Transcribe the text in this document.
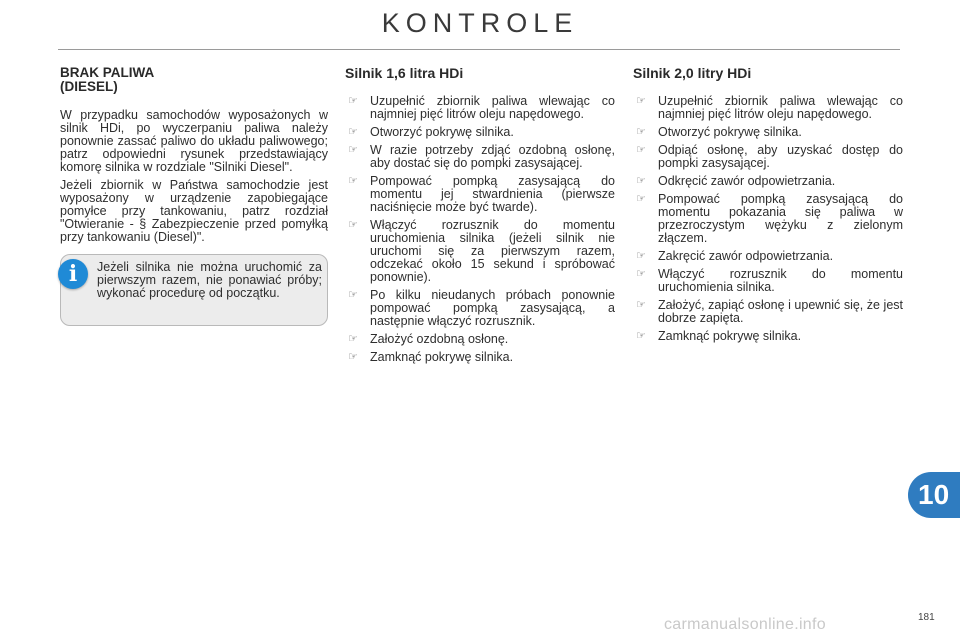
KONTROLE
BRAK PALIWA
(DIESEL)

W przypadku samochodów wyposażonych w silnik HDi, po wyczerpaniu paliwa należy ponownie zassać paliwo do układu paliwowego; patrz odpowiedni rysunek przedstawiający komorę silnika w rozdziale "Silniki Diesel".

Jeżeli zbiornik w Państwa samochodzie jest wyposażony w urządzenie zapobiegające pomyłce przy tankowaniu, patrz rozdział "Otwieranie - § Zabezpieczenie przed pomyłką przy tankowaniu (Diesel)".

i	Jeżeli silnika nie można uruchomić za pierwszym razem, nie ponawiać próby; wykonać procedurę od początku.

Silnik 1,6 litra HDi
☞ Uzupełnić zbiornik paliwa wlewając co najmniej pięć litrów oleju napędowego.
☞ Otworzyć pokrywę silnika.
☞ W razie potrzeby zdjąć ozdobną osłonę, aby dostać się do pompki zasysającej.
☞ Pompować pompką zasysającą do momentu jej stwardnienia (pierwsze naciśnięcie może być twarde).
☞ Włączyć rozrusznik do momentu uruchomienia silnika (jeżeli silnik nie uruchomi się za pierwszym razem, odczekać około 15 sekund i spróbować ponownie).
☞ Po kilku nieudanych próbach ponownie pompować pompką zasysającą, a następnie włączyć rozrusznik.
☞ Założyć ozdobną osłonę.
☞ Zamknąć pokrywę silnika.
Silnik 2,0 litry HDi
☞ Uzupełnić zbiornik paliwa wlewając co najmniej pięć litrów oleju napędowego.
☞ Otworzyć pokrywę silnika.
☞ Odpiąć osłonę, aby uzyskać dostęp do pompki zasysającej.
☞ Odkręcić zawór odpowietrzania.
☞ Pompować pompką zasysającą do momentu pokazania się paliwa w przezroczystym wężyku z zielonym złączem.
☞ Zakręcić zawór odpowietrzania.
☞ Włączyć rozrusznik do momentu uruchomienia silnika.
☞ Założyć, zapiąć osłonę i upewnić się, że jest dobrze zapięta.
☞ Zamknąć pokrywę silnika.
10
carmanualsonline.info	181
